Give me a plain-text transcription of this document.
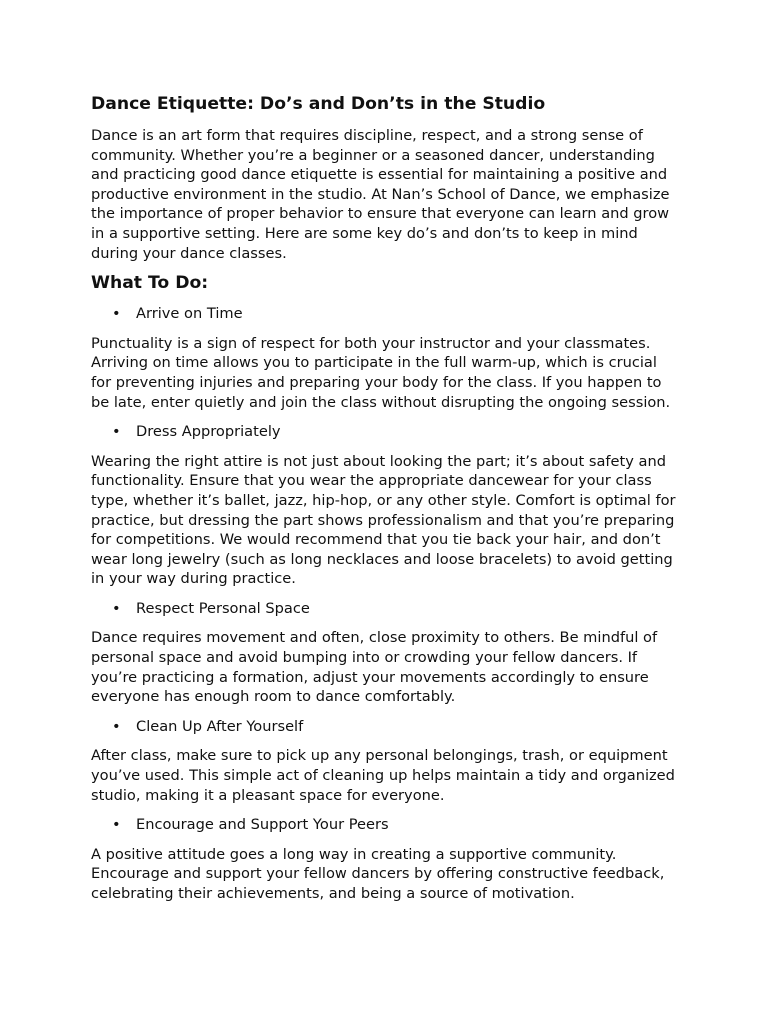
Dance Etiquette: Do’s and Don’ts in the Studio

Dance is an art form that requires discipline, respect, and a strong sense of community. Whether you’re a beginner or a seasoned dancer, understanding and practicing good dance etiquette is essential for maintaining a positive and productive environment in the studio. At Nan’s School of Dance, we emphasize the importance of proper behavior to ensure that everyone can learn and grow in a supportive setting. Here are some key do’s and don’ts to keep in mind during your dance classes.

What To Do:
• Arrive on Time

Punctuality is a sign of respect for both your instructor and your classmates. Arriving on time allows you to participate in the full warm-up, which is crucial for preventing injuries and preparing your body for the class. If you happen to be late, enter quietly and join the class without disrupting the ongoing session.

• Dress Appropriately

Wearing the right attire is not just about looking the part; it’s about safety and functionality. Ensure that you wear the appropriate dancewear for your class type, whether it’s ballet, jazz, hip-hop, or any other style. Comfort is optimal for practice, but dressing the part shows professionalism and that you’re preparing for competitions. We would recommend that you tie back your hair, and don’t wear long jewelry (such as long necklaces and loose bracelets) to avoid getting in your way during practice.

• Respect Personal Space

Dance requires movement and often, close proximity to others. Be mindful of personal space and avoid bumping into or crowding your fellow dancers. If you’re practicing a formation, adjust your movements accordingly to ensure everyone has enough room to dance comfortably.

• Clean Up After Yourself

After class, make sure to pick up any personal belongings, trash, or equipment you’ve used. This simple act of cleaning up helps maintain a tidy and organized studio, making it a pleasant space for everyone.

• Encourage and Support Your Peers

A positive attitude goes a long way in creating a supportive community. Encourage and support your fellow dancers by offering constructive feedback, celebrating their achievements, and being a source of motivation.
